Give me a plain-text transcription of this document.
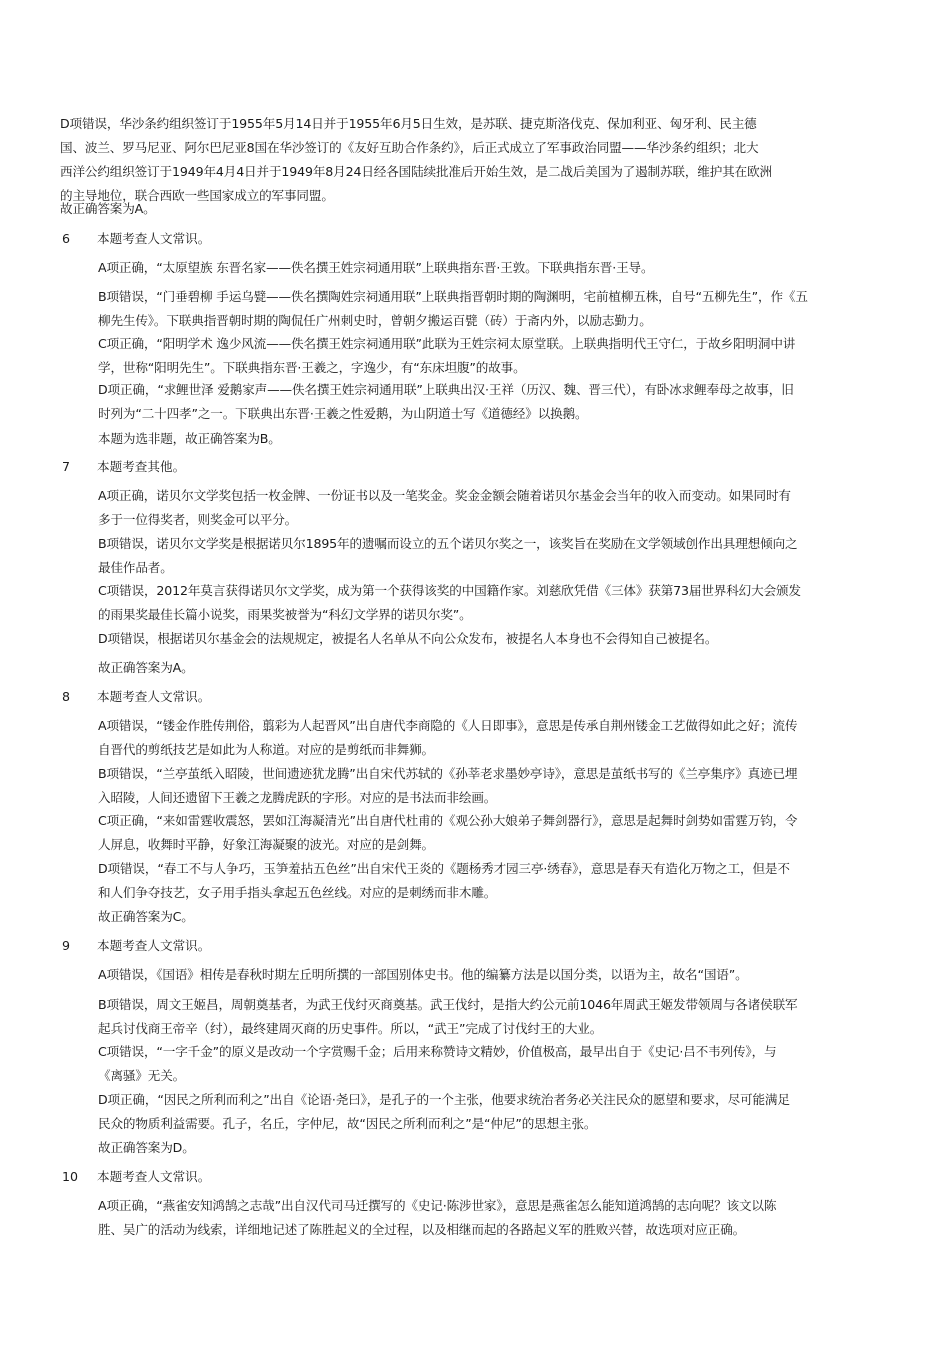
D项错误，华沙条约组织签订于1955年5月14日并于1955年6月5日生效，是苏联、捷克斯洛伐克、保加利亚、匈牙利、民主德
国、波兰、罗马尼亚、阿尔巴尼亚8国在华沙签订的《友好互助合作条约》，后正式成立了军事政治同盟——华沙条约组织；北大
西洋公约组织签订于1949年4月4日并于1949年8月24日经各国陆续批准后开始生效，是二战后美国为了遏制苏联，维护其在欧洲
的主导地位，联合西欧一些国家成立的军事同盟。

故正确答案为A。

6 本题考查人文常识。

A项正确，“太原望族 东晋名家——佚名撰王姓宗祠通用联”上联典指东晋·王敦。下联典指东晋·王导。

B项错误，“门垂碧柳 手运乌甓——佚名撰陶姓宗祠通用联”上联典指晋朝时期的陶渊明，宅前植柳五株，自号“五柳先生”，作《五
柳先生传》。下联典指晋朝时期的陶侃任广州刺史时，曾朝夕搬运百甓（砖）于斋内外，以励志勤力。

C项正确，“阳明学术 逸少风流——佚名撰王姓宗祠通用联”此联为王姓宗祠太原堂联。上联典指明代王守仁，于故乡阳明洞中讲
学，世称“阳明先生”。下联典指东晋·王羲之，字逸少，有“东床坦腹”的故事。

D项正确，“求鲤世泽 爱鹅家声——佚名撰王姓宗祠通用联”上联典出汉·王祥（历汉、魏、晋三代），有卧冰求鲤奉母之故事，旧
时列为“二十四孝”之一。下联典出东晋·王羲之性爱鹅，为山阴道士写《道德经》以换鹅。

本题为选非题，故正确答案为B。

7 本题考查其他。

A项正确，诺贝尔文学奖包括一枚金牌、一份证书以及一笔奖金。奖金金额会随着诺贝尔基金会当年的收入而变动。如果同时有
多于一位得奖者，则奖金可以平分。

B项错误，诺贝尔文学奖是根据诺贝尔1895年的遗嘱而设立的五个诺贝尔奖之一，该奖旨在奖励在文学领域创作出具理想倾向之
最佳作品者。

C项错误，2012年莫言获得诺贝尔文学奖，成为第一个获得该奖的中国籍作家。刘慈欣凭借《三体》获第73届世界科幻大会颁发
的雨果奖最佳长篇小说奖，雨果奖被誉为“科幻文学界的诺贝尔奖”。

D项错误，根据诺贝尔基金会的法规规定，被提名人名单从不向公众发布，被提名人本身也不会得知自己被提名。

故正确答案为A。

8 本题考查人文常识。

A项错误，“镂金作胜传荆俗，翦彩为人起晋风”出自唐代李商隐的《人日即事》，意思是传承自荆州镂金工艺做得如此之好；流传
自晋代的剪纸技艺是如此为人称道。对应的是剪纸而非舞狮。

B项错误，“兰亭茧纸入昭陵，世间遗迹犹龙腾”出自宋代苏轼的《孙莘老求墨妙亭诗》，意思是茧纸书写的《兰亭集序》真迹已埋
入昭陵，人间还遗留下王羲之龙腾虎跃的字形。对应的是书法而非绘画。

C项正确，“来如雷霆收震怒，罢如江海凝清光”出自唐代杜甫的《观公孙大娘弟子舞剑器行》，意思是起舞时剑势如雷霆万钧，令
人屏息，收舞时平静，好象江海凝聚的波光。对应的是剑舞。

D项错误，“春工不与人争巧，玉笋羞拈五色丝”出自宋代王炎的《题杨秀才园三亭·绣春》，意思是春天有造化万物之工，但是不
和人们争夺技艺，女子用手指头拿起五色丝线。对应的是刺绣而非木雕。

故正确答案为C。

9 本题考查人文常识。

A项错误，《国语》相传是春秋时期左丘明所撰的一部国别体史书。他的编纂方法是以国分类，以语为主，故名“国语”。

B项错误，周文王姬昌，周朝奠基者，为武王伐纣灭商奠基。武王伐纣，是指大约公元前1046年周武王姬发带领周与各诸侯联军
起兵讨伐商王帝辛（纣），最终建周灭商的历史事件。所以，“武王”完成了讨伐纣王的大业。

C项错误，“一字千金”的原义是改动一个字赏赐千金；后用来称赞诗文精妙，价值极高，最早出自于《史记·吕不韦列传》，与
《离骚》无关。

D项正确，“因民之所利而利之”出自《论语·尧曰》，是孔子的一个主张，他要求统治者务必关注民众的愿望和要求，尽可能满足
民众的物质利益需要。孔子，名丘，字仲尼，故“因民之所利而利之”是“仲尼”的思想主张。

故正确答案为D。

10 本题考查人文常识。

A项正确，“燕雀安知鸿鹄之志哉”出自汉代司马迁撰写的《史记·陈涉世家》，意思是燕雀怎么能知道鸿鹄的志向呢？该文以陈
胜、吴广的活动为线索，详细地记述了陈胜起义的全过程，以及相继而起的各路起义军的胜败兴替，故选项对应正确。
